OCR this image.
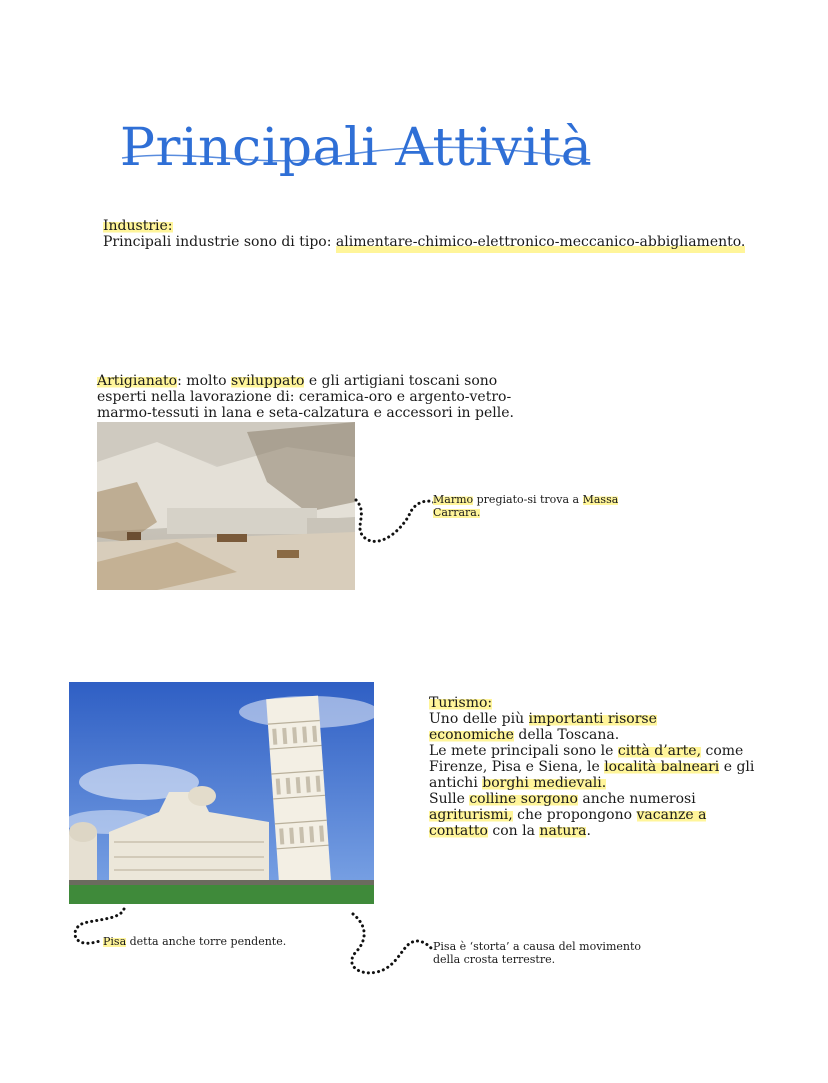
Principali Attività
Industrie:
Principali industrie sono di tipo: alimentare-chimico-elettronico-meccanico-abbigliamento.
Artigianato: molto sviluppato e gli artigiani toscani sono
esperti nella lavorazione di: ceramica-oro e argento-vetro-
marmo-tessuti in lana e seta-calzatura e accessori in pelle.
Marmo pregiato-si trova a Massa
Carrara.
Turismo:
Uno delle più importanti risorse
economiche della Toscana.
Le mete principali sono le città d’arte, come
Firenze, Pisa e Siena, le località balneari e gli
antichi borghi medievali.
Sulle colline sorgono anche numerosi
agriturismi, che propongono vacanze a
contatto con la natura.
Pisa detta anche torre pendente.	Pisa è ‘storta’ a causa del movimento
della crosta terrestre.
